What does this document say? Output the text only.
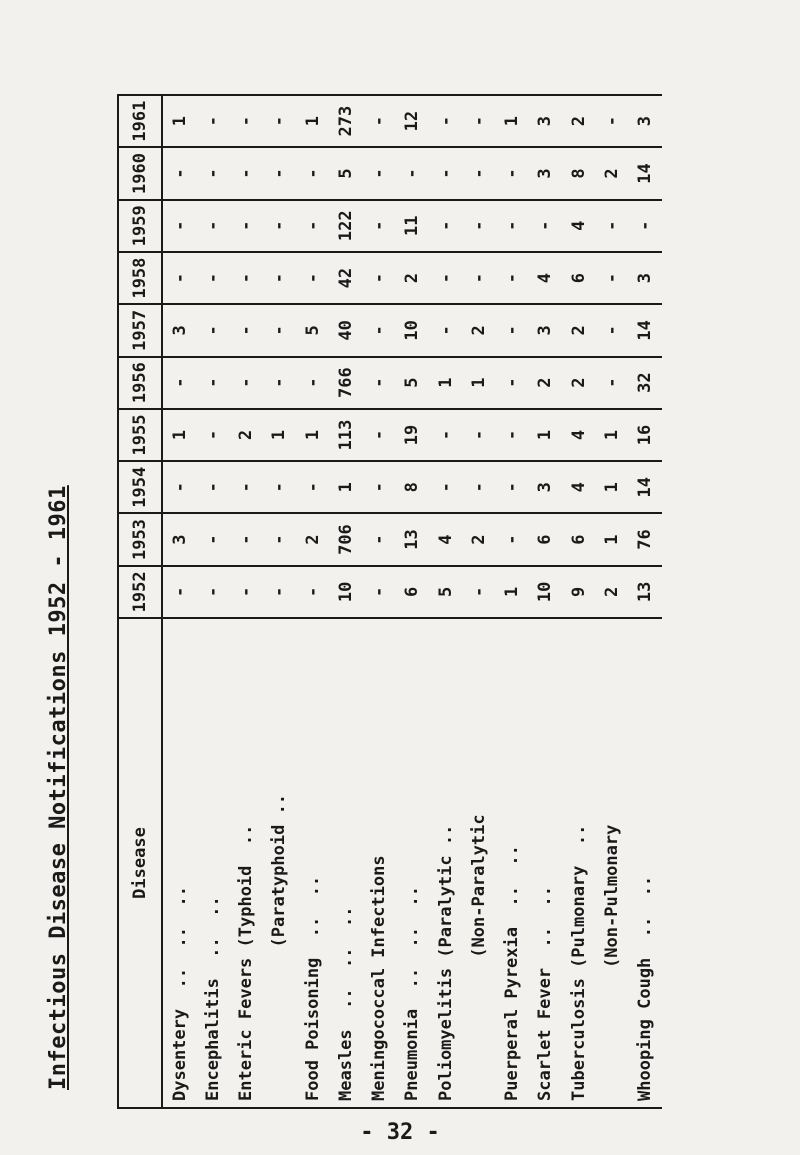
Infectious Disease Notifications 1952 - 1961	Disease	1952	1953	1954	1955	1956	1957	1958	1959	1960	1961
Dysentery  ..  ..  ..	-	3	-	1	-	3	-	-	-	1
Encephalitis  ..  ..	-	-	-	-	-	-	-	-	-	-
Enteric Fevers (Typhoid  ..	-	-	-	2	-	-	-	-	-	-
(Paratyphoid ..	-	-	-	1	-	-	-	-	-	-
Food Poisoning  ..  ..	-	2	-	1	-	5	-	-	-	1
Measles  ..  ..  ..	10	706	1	113	766	40	42	122	5	273
Meningococcal Infections	-	-	-	-	-	-	-	-	-	-
Pneumonia  ..  ..  ..	6	13	8	19	5	10	2	11	-	12
Poliomyelitis (Paralytic ..	5	4	-	-	1	-	-	-	-	-
(Non-Paralytic	-	2	-	-	1	2	-	-	-	-
Puerperal Pyrexia  ..  ..	1	-	-	-	-	-	-	-	-	1
Scarlet Fever  ..  ..	10	6	3	1	2	3	4	-	3	3
Tuberculosis (Pulmonary  ..	9	6	4	4	2	2	6	4	8	2
(Non-Pulmonary	2	1	1	1	-	-	-	-	2	-
Whooping Cough  ..  ..	13	76	14	16	32	14	3	-	14	3
- 32 -
